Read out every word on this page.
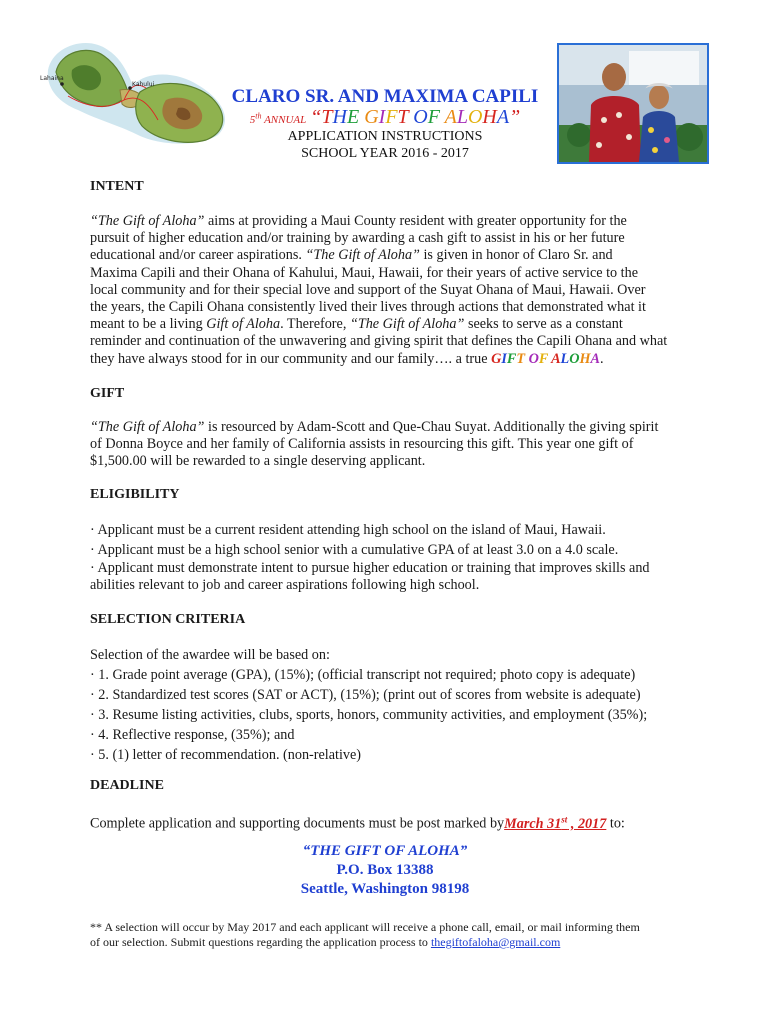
Lahaina
Kahului
CLARO SR. AND MAXIMA CAPILI
5th ANNUAL “THE GIFT OF ALOHA”
APPLICATION INSTRUCTIONS
SCHOOL YEAR 2016 - 2017
INTENT
“The Gift of Aloha” aims at providing a Maui County resident with greater opportunity for the
pursuit of higher education and/or training by awarding a cash gift to assist in his or her future
educational and/or career aspirations. “The Gift of Aloha” is given in honor of Claro Sr. and
Maxima Capili and their Ohana of Kahului, Maui, Hawaii, for their years of active service to the
local community and for their special love and support of the Suyat Ohana of Maui, Hawaii. Over
the years, the Capili Ohana consistently lived their lives through actions that demonstrated what it
meant to be a living Gift of Aloha. Therefore, “The Gift of Aloha” seeks to serve as a constant
reminder and continuation of the unwavering and giving spirit that defines the Capili Ohana and what
they have always stood for in our community and our family…. a true GIFT OF ALOHA.
GIFT
“The Gift of Aloha” is resourced by Adam-Scott and Que-Chau Suyat. Additionally the giving spirit
of Donna Boyce and her family of California assists in resourcing this gift. This year one gift of
$1,500.00 will be rewarded to a single deserving applicant.
ELIGIBILITY
· Applicant must be a current resident attending high school on the island of Maui, Hawaii.
· Applicant must be a high school senior with a cumulative GPA of at least 3.0 on a 4.0 scale.
· Applicant must demonstrate intent to pursue higher education or training that improves skills and
abilities relevant to job and career aspirations following high school.
SELECTION CRITERIA
Selection of the awardee will be based on:
· 1. Grade point average (GPA), (15%); (official transcript not required; photo copy is adequate)
· 2. Standardized test scores (SAT or ACT), (15%); (print out of scores from website is adequate)
· 3. Resume listing activities, clubs, sports, honors, community activities, and employment (35%);
· 4. Reflective response, (35%); and
· 5. (1) letter of recommendation. (non-relative)
DEADLINE
Complete application and supporting documents must be post marked byMarch 31st , 2017 to:
“THE GIFT OF ALOHA”
P.O. Box 13388
Seattle, Washington 98198
** A selection will occur by May 2017 and each applicant will receive a phone call, email, or mail informing them
of our selection. Submit questions regarding the application process to thegiftofaloha@gmail.com
